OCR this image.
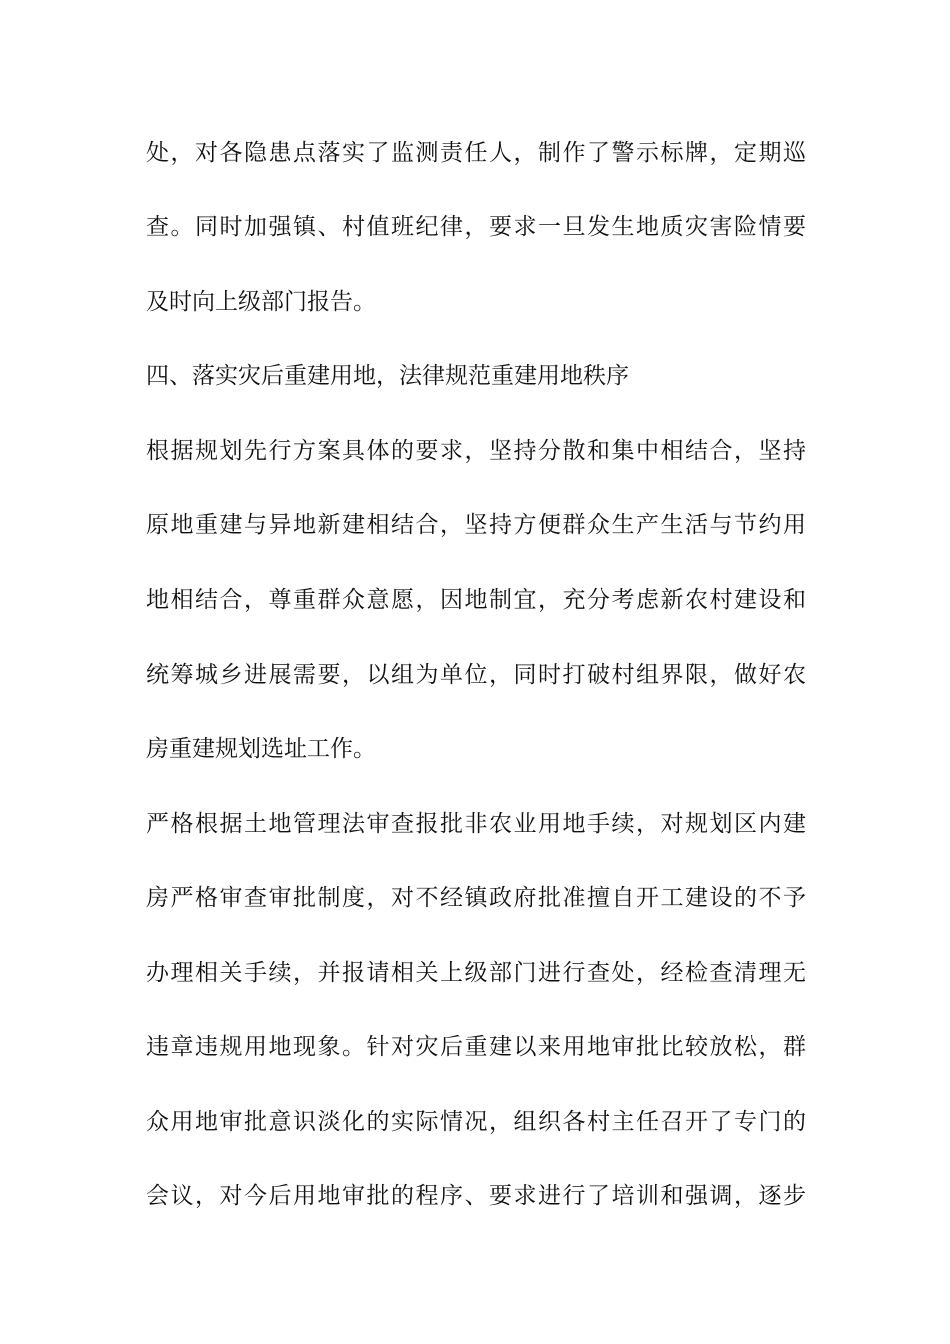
处，对各隐患点落实了监测责任人，制作了警示标牌，定期巡
查。同时加强镇、村值班纪律，要求一旦发生地质灾害险情要
及时向上级部门报告。
四、落实灾后重建用地，法律规范重建用地秩序
根据规划先行方案具体的要求，坚持分散和集中相结合，坚持
原地重建与异地新建相结合，坚持方便群众生产生活与节约用
地相结合，尊重群众意愿，因地制宜，充分考虑新农村建设和
统筹城乡进展需要，以组为单位，同时打破村组界限，做好农
房重建规划选址工作。
严格根据土地管理法审查报批非农业用地手续，对规划区内建
房严格审查审批制度，对不经镇政府批准擅自开工建设的不予
办理相关手续，并报请相关上级部门进行查处，经检查清理无
违章违规用地现象。针对灾后重建以来用地审批比较放松，群
众用地审批意识淡化的实际情况，组织各村主任召开了专门的
会议，对今后用地审批的程序、要求进行了培训和强调，逐步
